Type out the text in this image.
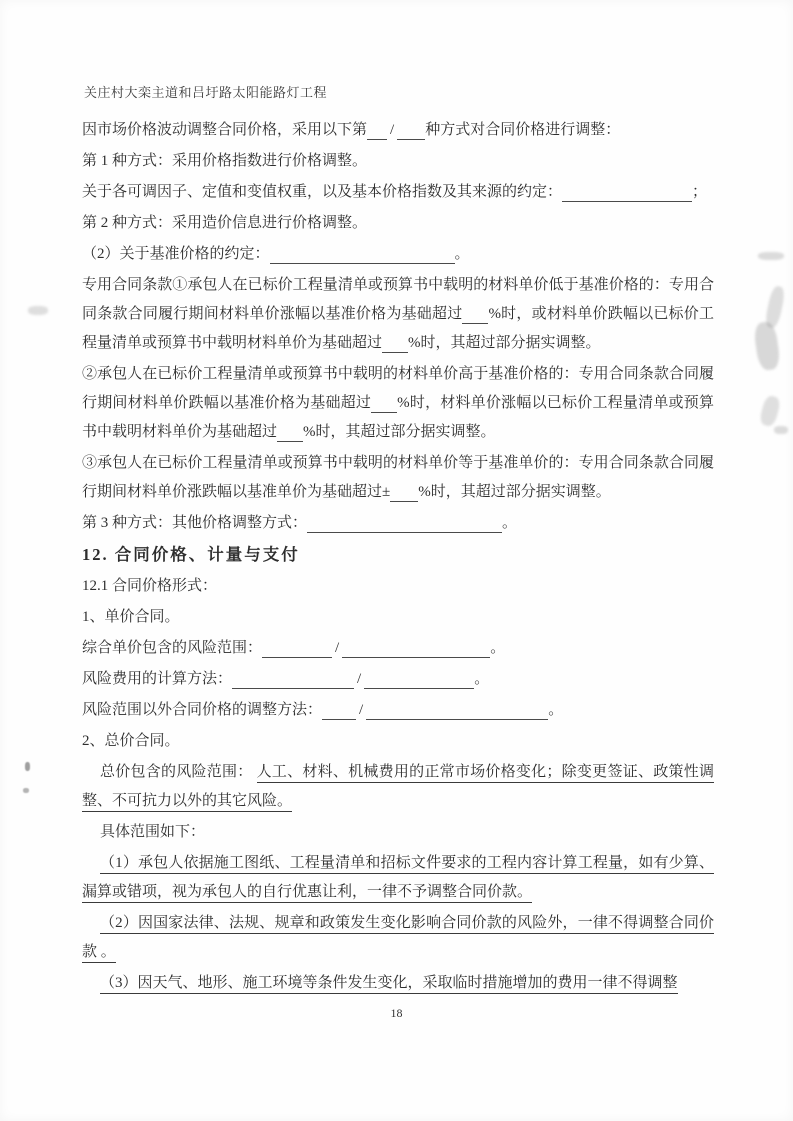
关庄村大栾主道和吕圩路太阳能路灯工程

因市场价格波动调整合同价格，采用以下第 / 种方式对合同价格进行调整：

第 1 种方式：采用价格指数进行价格调整。

关于各可调因子、定值和变值权重，以及基本价格指数及其来源的约定：	；

第 2 种方式：采用造价信息进行价格调整。

（2）关于基准价格的约定：	。

专用合同条款①承包人在已标价工程量清单或预算书中载明的材料单价低于基准价格的：专用合同条款合同履行期间材料单价涨幅以基准价格为基础超过 %时，或材料单价跌幅以已标价工程量清单或预算书中载明材料单价为基础超过 %时，其超过部分据实调整。

②承包人在已标价工程量清单或预算书中载明的材料单价高于基准价格的：专用合同条款合同履行期间材料单价跌幅以基准价格为基础超过 %时，材料单价涨幅以已标价工程量清单或预算书中载明材料单价为基础超过 %时，其超过部分据实调整。

③承包人在已标价工程量清单或预算书中载明的材料单价等于基准单价的：专用合同条款合同履行期间材料单价涨跌幅以基准单价为基础超过± %时，其超过部分据实调整。

第 3 种方式：其他价格调整方式：	。

12. 合同价格、计量与支付

12.1 合同价格形式：

1、单价合同。

综合单价包含的风险范围：	/	。

风险费用的计算方法：	/	。

风险范围以外合同价格的调整方法： /	。

2、总价合同。

总价包含的风险范围： 人工、材料、机械费用的正常市场价格变化；除变更签证、政策性调整、不可抗力以外的其它风险。

具体范围如下：

（1）承包人依据施工图纸、工程量清单和招标文件要求的工程内容计算工程量，如有少算、漏算或错项，视为承包人的自行优惠让利，一律不予调整合同价款。

（2）因国家法律、法规、规章和政策发生变化影响合同价款的风险外，一律不得调整合同价款 。

（3）因天气、地形、施工环境等条件发生变化，采取临时措施增加的费用一律不得调整

18
